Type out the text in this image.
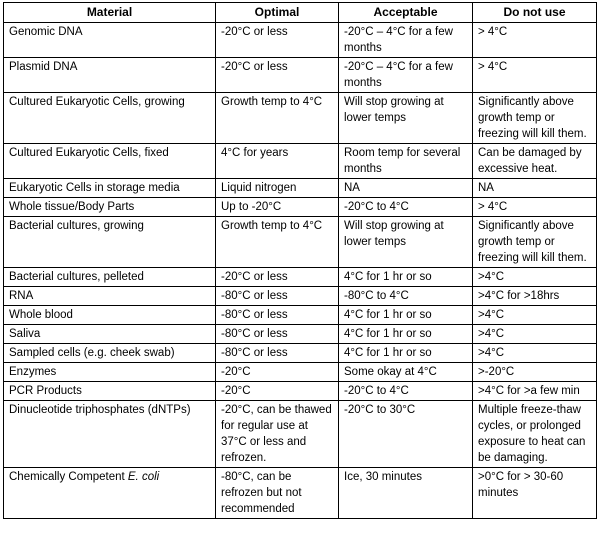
Material	Optimal	Acceptable	Do not use
Genomic DNA	-20°C or less	-20°C – 4°C for a few months	> 4°C
Plasmid DNA	-20°C or less	-20°C – 4°C for a few months	> 4°C
Cultured Eukaryotic Cells, growing	Growth temp to 4°C	Will stop growing at lower temps	Significantly above growth temp or freezing will kill them.
Cultured Eukaryotic Cells, fixed	4°C for years	Room temp for several months	Can be damaged by excessive heat.
Eukaryotic Cells in storage media	Liquid nitrogen	NA	NA
Whole tissue/Body Parts	Up to -20°C	-20°C to 4°C	> 4°C
Bacterial cultures, growing	Growth temp to 4°C	Will stop growing at lower temps	Significantly above growth temp or freezing will kill them.
Bacterial cultures, pelleted	-20°C or less	4°C for 1 hr or so	>4°C
RNA	-80°C or less	-80°C to 4°C	>4°C for >18hrs
Whole blood	-80°C or less	4°C for 1 hr or so	>4°C
Saliva	-80°C or less	4°C for 1 hr or so	>4°C
Sampled cells (e.g. cheek swab)	-80°C or less	4°C for 1 hr or so	>4°C
Enzymes	-20°C	Some okay at 4°C	>-20°C
PCR Products	-20°C	-20°C to 4°C	>4°C for >a few min
Dinucleotide triphosphates (dNTPs)	-20°C, can be thawed for regular use at 37°C or less and refrozen.	-20°C to 30°C	Multiple freeze-thaw cycles, or prolonged exposure to heat can be damaging.
Chemically Competent E. coli	-80°C, can be refrozen but not recommended	Ice, 30 minutes	>0°C for > 30-60 minutes
